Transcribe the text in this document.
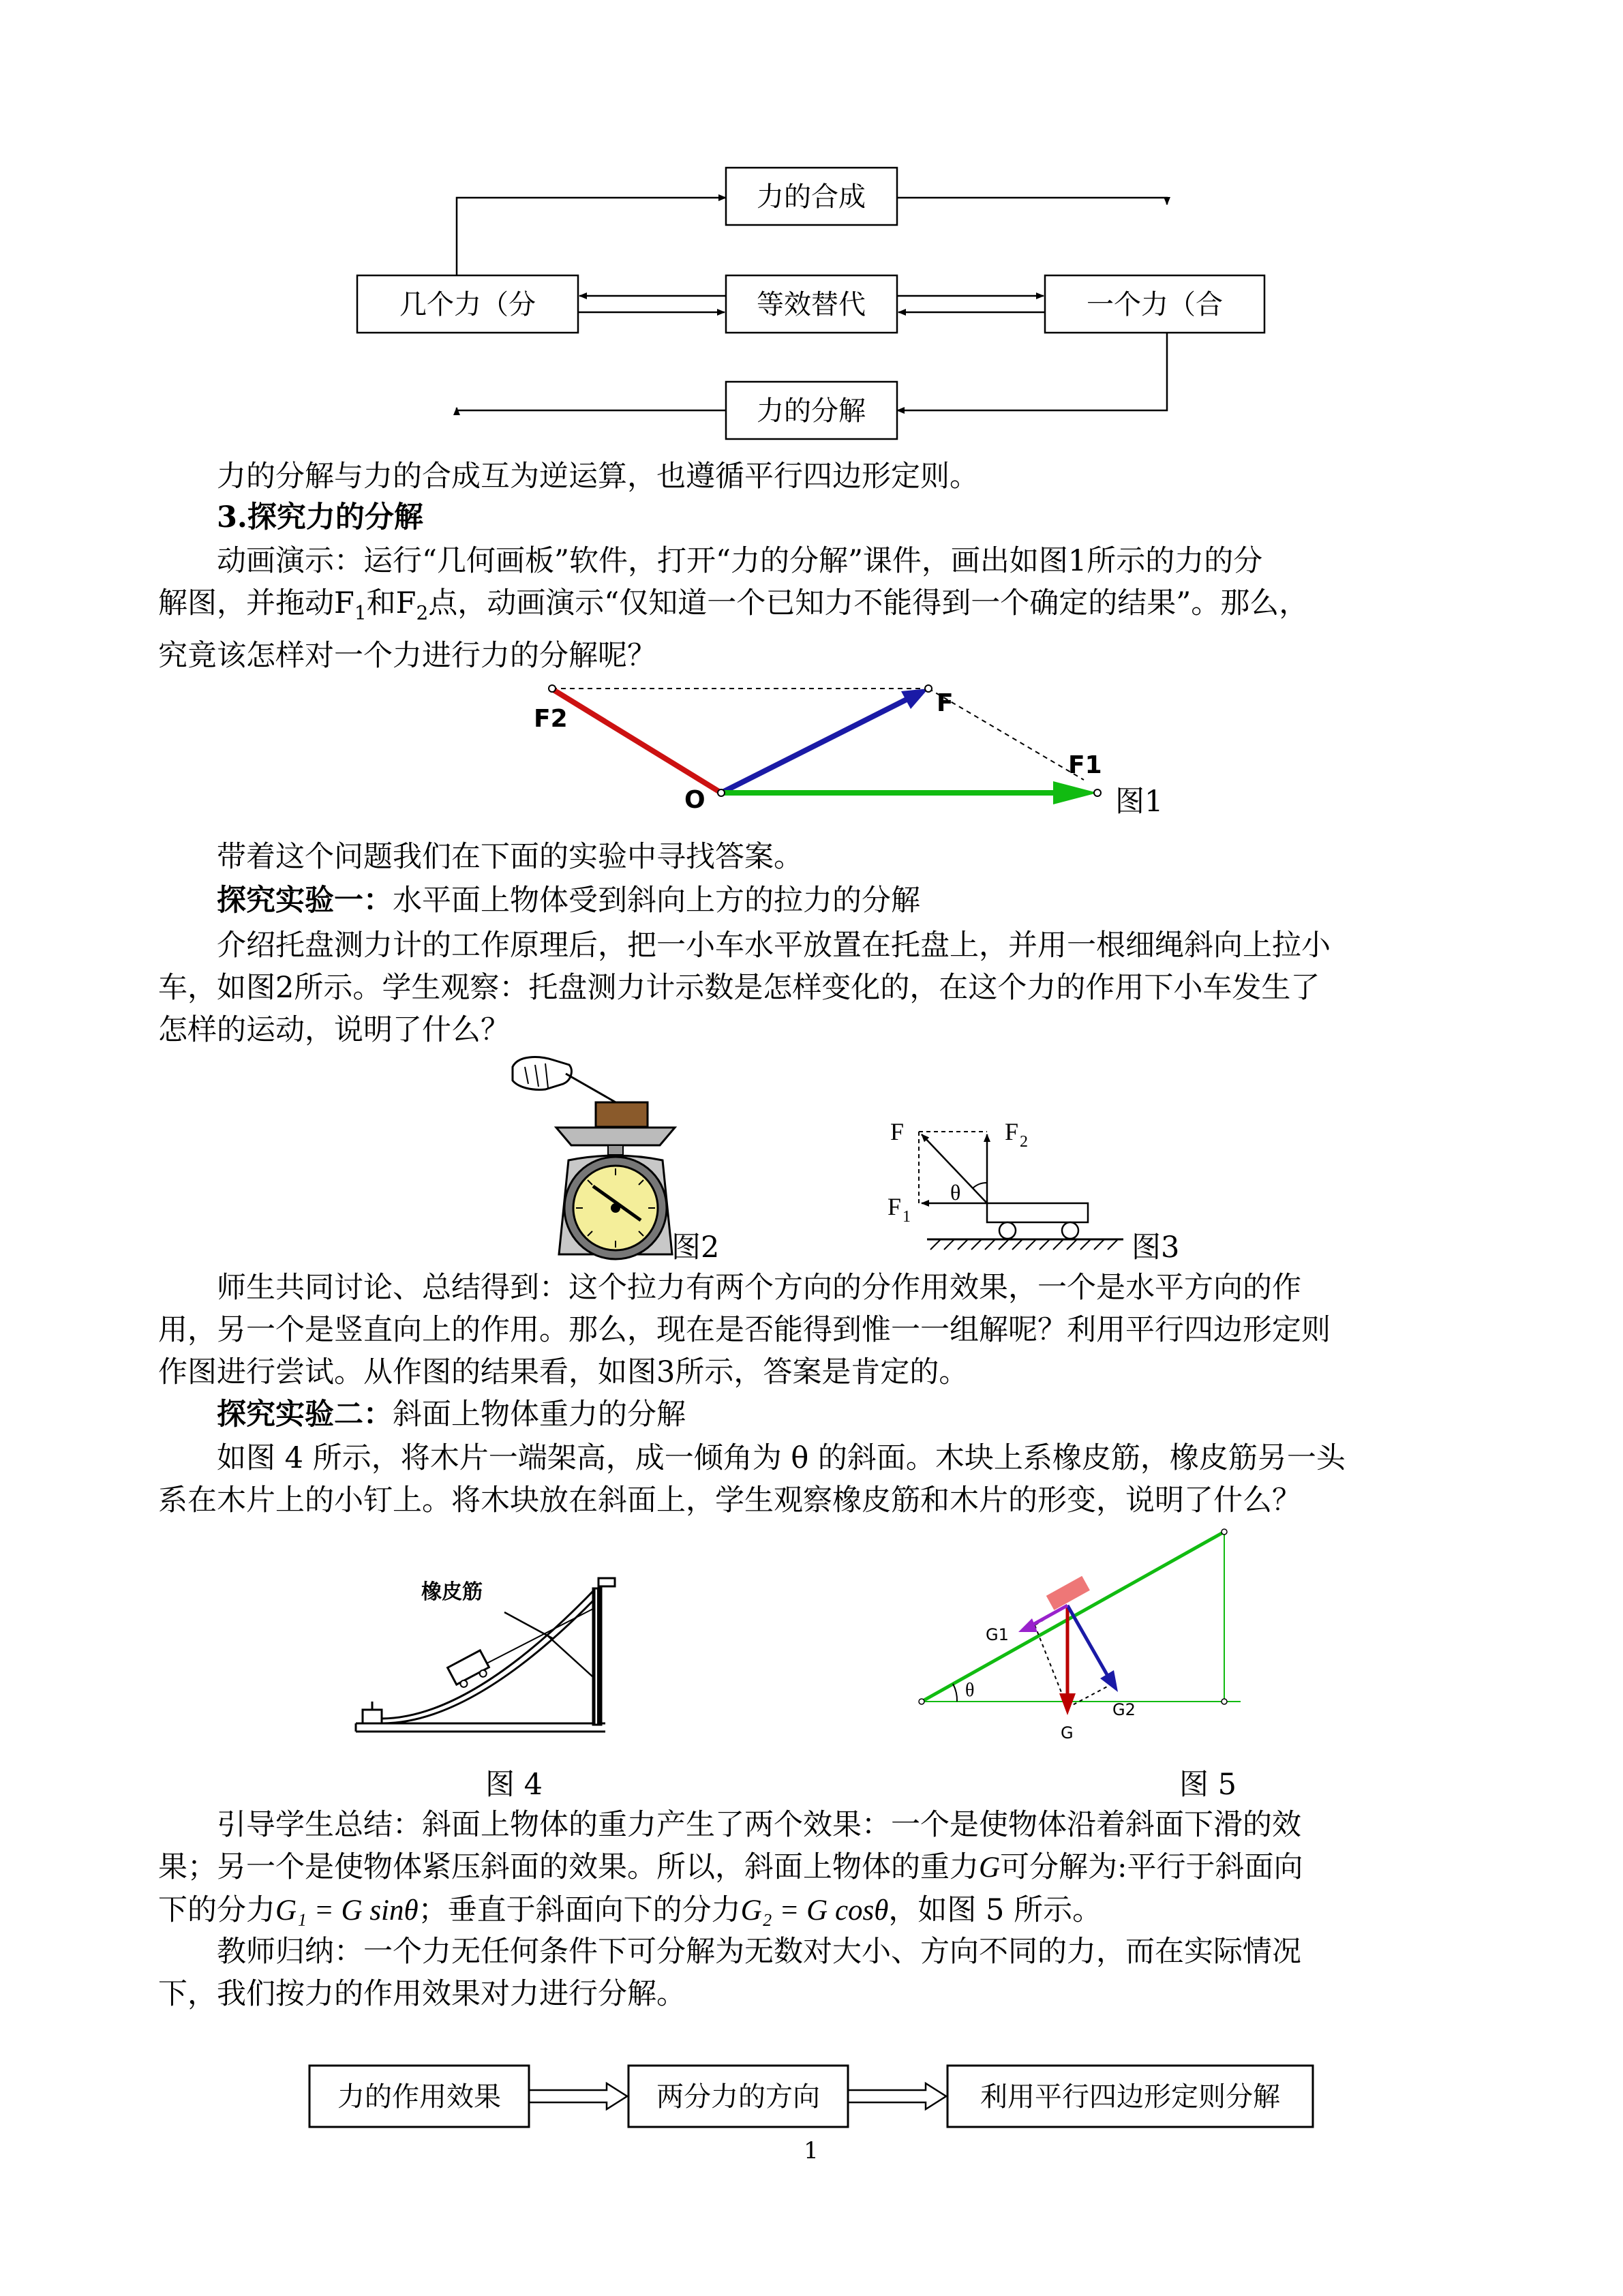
几个力（分	一个力（合
力的合成
等效替代
力的分解
F2
F
F1
O	图1
图2
θ
F	F 2
F 1
图3
橡皮筋
图 4
θ
G1
G2
G
图 5
力的作用效果	两分力的方向	利用平行四边形定则分解
1

力的分解与力的合成互为逆运算，也遵循平行四边形定则。

3.探究力的分解

动画演示：运行“几何画板”软件，打开“力的分解”课件，画出如图1所示的力的分
解图，并拖动$F_1$和$F_2$点，动画演示“仅知道一个已知力不能得到一个确定的结果”。那么，
究竟该怎样对一个力进行力的分解呢？

带着这个问题我们在下面的实验中寻找答案。

探究实验一：水平面上物体受到斜向上方的拉力的分解

介绍托盘测力计的工作原理后，把一小车水平放置在托盘上，并用一根细绳斜向上拉小
车，如图2所示。学生观察：托盘测力计示数是怎样变化的，在这个力的作用下小车发生了
怎样的运动，说明了什么？
师生共同讨论、总结得到：这个拉力有两个方向的分作用效果，一个是水平方向的作
用，另一个是竖直向上的作用。那么，现在是否能得到惟一一组解呢？利用平行四边形定则
作图进行尝试。从作图的结果看，如图3所示，答案是肯定的。

探究实验二：斜面上物体重力的分解

如图 4 所示，将木片一端架高，成一倾角为 θ 的斜面。木块上系橡皮筋，橡皮筋另一头
系在木片上的小钉上。将木块放在斜面上，学生观察橡皮筋和木片的形变，说明了什么？
引导学生总结：斜面上物体的重力产生了两个效果：一个是使物体沿着斜面下滑的效
果；另一个是使物体紧压斜面的效果。所以，斜面上物体的重力G可分解为:平行于斜面向
下的分力G₁ = G sinθ；垂直于斜面向下的分力G₂ = G cosθ，如图 5 所示。
教师归纳：一个力无任何条件下可分解为无数对大小、方向不同的力，而在实际情况
下，我们按力的作用效果对力进行分解。
